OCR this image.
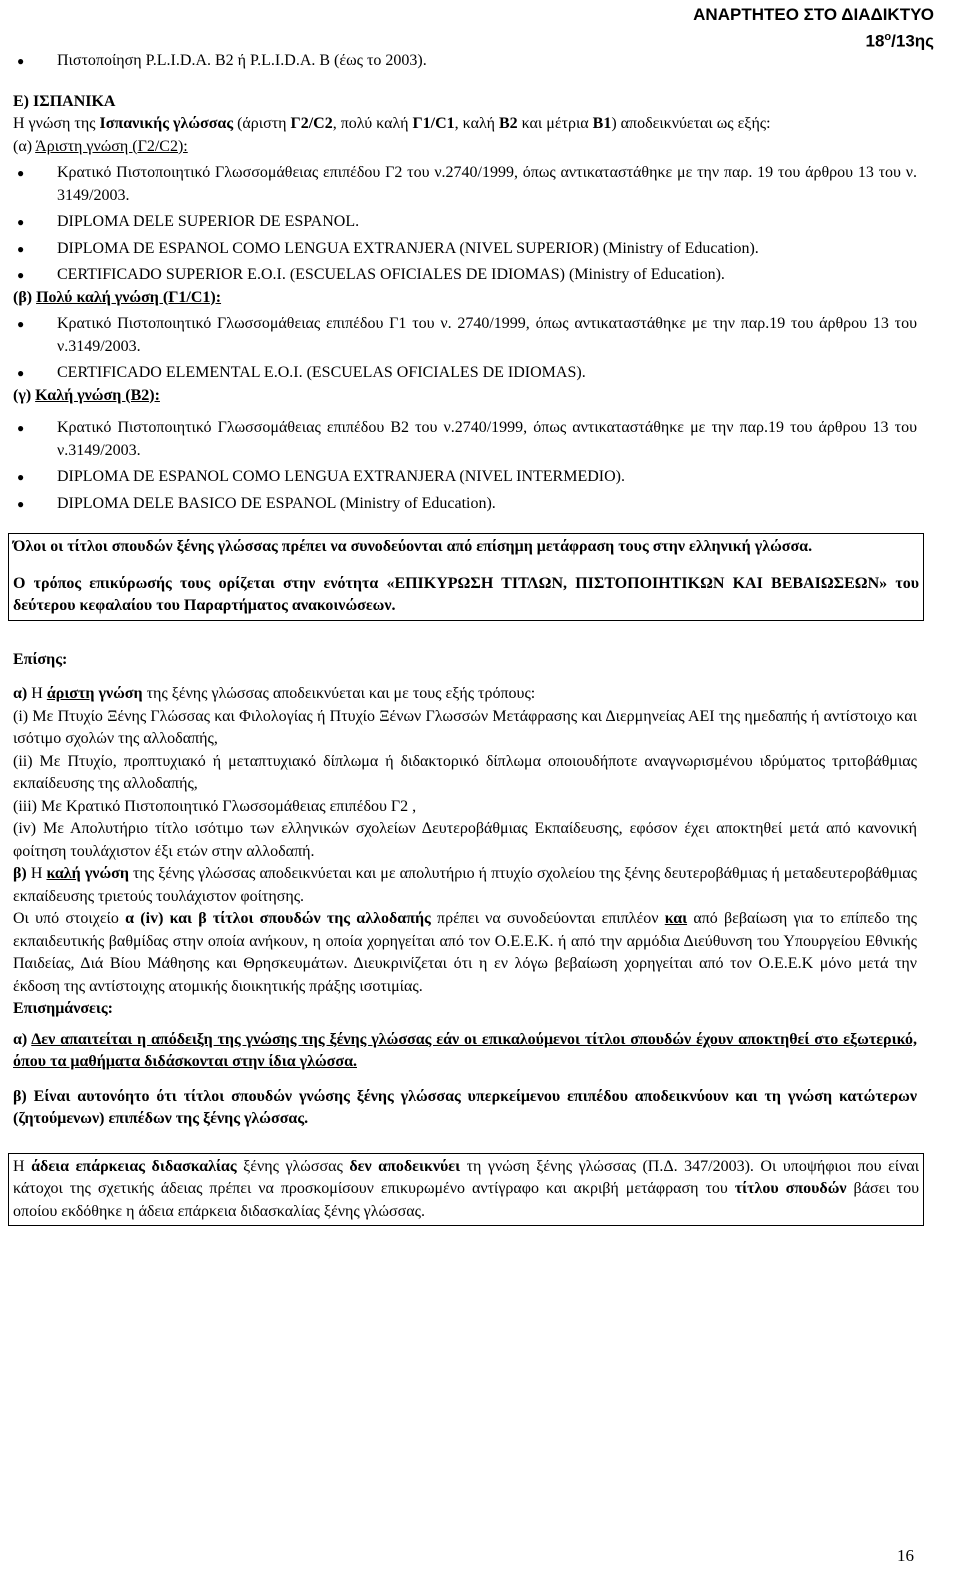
ΑΝΑΡΤΗΤΕΟ ΣΤΟ ΔΙΑΔΙΚΤΥΟ
$18^o/13\eta\varsigma$
●	Πιστοποίηση P.L.I.D.A. B2 ή P.L.I.D.A. B (έως το 2003).

Ε) ΙΣΠΑΝΙΚΑ

Η γνώση της Ισπανικής γλώσσας (άριστη Γ2/C2, πολύ καλή Γ1/C1, καλή Β2 και μέτρια Β1) αποδεικνύεται ως εξής:

(α) Άριστη γνώση (Γ2/C2):

●	Κρατικό Πιστοποιητικό Γλωσσομάθειας επιπέδου Γ2 του ν.2740/1999, όπως αντικαταστάθηκε με την παρ. 19 του άρθρου 13 του ν. 3149/2003.
●	DIPLOMA DELE SUPERIOR DE ESPANOL.
●	DIPLOMA DE ESPANOL COMO LENGUA EXTRANJERA (NIVEL SUPERIOR) (Ministry of Education).
●	CERTIFICADO SUPERIOR E.O.I. (ESCUELAS OFICIALES DE IDIOMAS) (Ministry of Education).

(β) Πολύ καλή γνώση (Γ1/C1):

●	Κρατικό Πιστοποιητικό Γλωσσομάθειας επιπέδου Γ1 του ν. 2740/1999, όπως αντικαταστάθηκε με την παρ.19 του άρθρου 13 του ν.3149/2003.
●	CERTIFICADO ELEMENTAL E.O.I. (ESCUELAS OFICIALES DE IDIOMAS).

(γ) Καλή γνώση (Β2):

●	Κρατικό Πιστοποιητικό Γλωσσομάθειας επιπέδου Β2 του ν.2740/1999, όπως αντικαταστάθηκε με την παρ.19 του άρθρου 13 του ν.3149/2003.
●	DIPLOMA DE ESPANOL COMO LENGUA EXTRANJERA (NIVEL INTERMEDIO).
●	DIPLOMA DELE BASICO DE ESPANOL (Ministry of Education).

Όλοι οι τίτλοι σπουδών ξένης γλώσσας πρέπει να συνοδεύονται από επίσημη μετάφραση τους στην ελληνική γλώσσα.

Ο τρόπος επικύρωσής τους ορίζεται στην ενότητα «ΕΠΙΚΥΡΩΣΗ ΤΙΤΛΩΝ, ΠΙΣΤΟΠΟΙΗΤΙΚΩΝ ΚΑΙ ΒΕΒΑΙΩΣΕΩΝ» του δεύτερου κεφαλαίου του Παραρτήματος ανακοινώσεων.

Επίσης:

α) Η άριστη γνώση της ξένης γλώσσας αποδεικνύεται και με τους εξής τρόπους:

(i) Με Πτυχίο Ξένης Γλώσσας και Φιλολογίας ή Πτυχίο Ξένων Γλωσσών Μετάφρασης και Διερμηνείας ΑΕΙ της ημεδαπής ή αντίστοιχο και ισότιμο σχολών της αλλοδαπής,

(ii) Με Πτυχίο, προπτυχιακό ή μεταπτυχιακό δίπλωμα ή διδακτορικό δίπλωμα οποιουδήποτε αναγνωρισμένου ιδρύματος τριτοβάθμιας εκπαίδευσης της αλλοδαπής,

(iii) Με Κρατικό Πιστοποιητικό Γλωσσομάθειας επιπέδου Γ2 ,

(iv) Με Απολυτήριο τίτλο ισότιμο των ελληνικών σχολείων Δευτεροβάθμιας Εκπαίδευσης, εφόσον έχει αποκτηθεί μετά από κανονική φοίτηση τουλάχιστον έξι ετών στην αλλοδαπή.

β) Η καλή γνώση της ξένης γλώσσας αποδεικνύεται και με απολυτήριο ή πτυχίο σχολείου της ξένης δευτεροβάθμιας ή μεταδευτεροβάθμιας εκπαίδευσης τριετούς τουλάχιστον φοίτησης.

Οι υπό στοιχείο α (iv) και β τίτλοι σπουδών της αλλοδαπής πρέπει να συνοδεύονται επιπλέον και από βεβαίωση για το επίπεδο της εκπαιδευτικής βαθμίδας στην οποία ανήκουν, η οποία χορηγείται από τον Ο.Ε.Ε.Κ. ή από την αρμόδια Διεύθυνση του Υπουργείου Εθνικής Παιδείας, Διά Βίου Μάθησης και Θρησκευμάτων. Διευκρινίζεται ότι η εν λόγω βεβαίωση χορηγείται από τον Ο.Ε.Ε.Κ μόνο μετά την έκδοση της αντίστοιχης ατομικής διοικητικής πράξης ισοτιμίας.

Επισημάνσεις:

α) Δεν απαιτείται η απόδειξη της γνώσης της ξένης γλώσσας εάν οι επικαλούμενοι τίτλοι σπουδών έχουν αποκτηθεί στο εξωτερικό, όπου τα μαθήματα διδάσκονται στην ίδια γλώσσα.

β) Είναι αυτονόητο ότι τίτλοι σπουδών γνώσης ξένης γλώσσας υπερκείμενου επιπέδου αποδεικνύουν και τη γνώση κατώτερων (ζητούμενων) επιπέδων της ξένης γλώσσας.

Η άδεια επάρκειας διδασκαλίας ξένης γλώσσας δεν αποδεικνύει τη γνώση ξένης γλώσσας (Π.Δ. 347/2003). Οι υποψήφιοι που είναι κάτοχοι της σχετικής άδειας πρέπει να προσκομίσουν επικυρωμένο αντίγραφο και ακριβή μετάφραση του τίτλου σπουδών βάσει του οποίου εκδόθηκε η άδεια επάρκεια διδασκαλίας ξένης γλώσσας.

16
